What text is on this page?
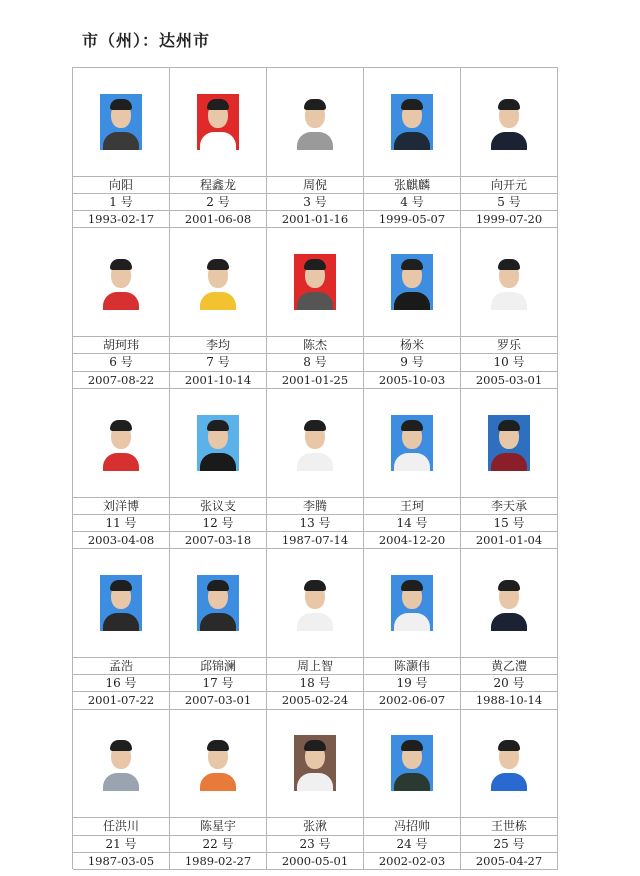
市（州）：达州市
向阳
1 号
1993-02-17
程鑫龙
2 号
2001-06-08
周倪
3 号
2001-01-16
张麒麟
4 号
1999-05-07
向开元
5 号
1999-07-20
胡珂玮
6 号
2007-08-22
李均
7 号
2001-10-14
陈杰
8 号
2001-01-25
杨米
9 号
2005-10-03
罗乐
10 号
2005-03-01
刘洋博
11 号
2003-04-08
张议支
12 号
2007-03-18
李腾
13 号
1987-07-14
王珂
14 号
2004-12-20
李天承
15 号
2001-01-04
孟浩
16 号
2001-07-22
邱锦澜
17 号
2007-03-01
周上智
18 号
2005-02-24
陈灏伟
19 号
2002-06-07
黄乙澧
20 号
1988-10-14
任洪川
21 号
1987-03-05
陈星宇
22 号
1989-02-27
张湫
23 号
2000-05-01
冯招帅
24 号
2002-02-03
王世栋
25 号
2005-04-27
